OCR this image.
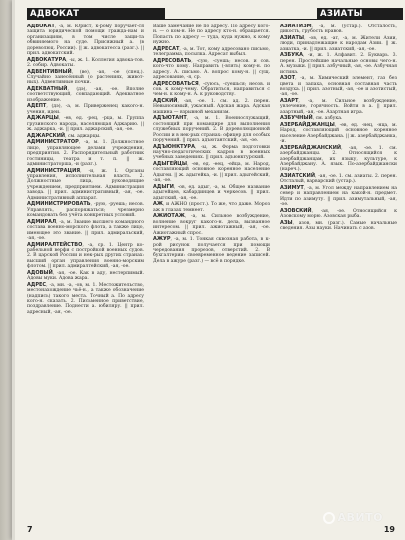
АДВОКАТ	АЗИАТЫ
АДВОКАТ, -а, м. Юрист, к-рому поручает-ся защита юридической помощи гражда-нам и организациям, в том числе защи-та обвиняемого на суде. Присяжный а. (в дореволюц. России). || ж. адвокатесса (разг.). || прил. адвокатский.
АДВОКАТУРА, -ы, ж. 1. Коллегия адвока-тов. 2. собир. Адвокаты.
АДВЕНТИВНЫЙ, (ве), -ая, -ое (спец.). Случайно занесённый (о растениях, живот-ных). Адвентивные почки.
АДЕКВАТНЫЙ, (дэ), -ая, -ое. Вполне соответствующий, совпадающий. Адекватное изображение.
АДЕПТ, (дэ), -а, м. Приверженец какого-н. учения, идеи.
АДЖАРЦЫ, -ев, ед. -рец, -рца, м. Группа грузинского народа, населяющая Аджарию. || ж. аджарка, -и. || прил. аджарский, -ая, -ое.
АДЖАРСКИЙ, см. аджарцы.
АДМИНИСТРАТОР, -а, м. 1. Должностное лицо, управляющее делами учреждения, предприятия. 2. Распорядительный работник гостиницы, театра и т. п. || ж. администраторша, -и (разг.).
АДМИНИСТРАЦИЯ, -и, ж. 1. Органы управления, исполнительная власть. 2. Должностные лица, руководящие учреждением, предприятием. Администрация завода. || прил. административный, -ая, -ое. Административный аппарат.
АДМИНИСТРИРОВАТЬ, -рую, -руешь; несов. Управлять, распоряжаться; чрезмерно командовать без учёта конкретных условий.
АДМИРАЛ, -а, м. Звание высшего командного состава военно-морского флота, а также лицо, имеющее это звание. || прил. адмиральский, -ая, -ое.
АДМИРАЛТЕЙСТВО, -а, ср. 1. Центр ко-рабельной верфи с постройкой военных судов. 2. В царской России и нек-рых других странах: высший орган управления военно-морским флотом. || прил. адмиралтейский, -ая, -ое.
АДОВЫЙ, -ая, -ое. Как в аду, нестерпимый. Адовы муки. Адова жара.
АДРЕС, -а, мн. -а, -ов, м. 1. Местожительство, местонахождение чьё-н., а также обозначение (надпись) такого места. Точный а. По адресу кого-н. сказать. 2. Письменное приветствие, поздравление. Поднести а. юбиляру. || прил. адресный, -ая, -ое.
Ваше замечание не по адресу. По адресу кого-н. — о ком-н. Не по адресу кто-н. обращается. Попасть по адресу — туда, куда нужно, к кому нужно.
АДРЕСАТ, -а, м. Тот, кому адресовано письмо, телеграмма, посылка. Адресат выбыл.
АДРЕСОВАТЬ, -сую, -суешь; несов. и сов. кого-что кому. Направить (-влять) кому-н. по адресу. А. письмо. А. вопрос кому-н. || сущ. адресование, -я, ср.
АДРЕСОВАТЬСЯ, -суюсь, -суешься; несов. и сов. к кому-чему. Обратиться, направиться с чем-н. к кому-н. А. к руководству.
АДСКИЙ, -ая, -ое. 1. см. ад. 2. перен. Невыносимый, ужасный. Адская жара. Адская машина — взрывной механизм.
АДЪЮТАНТ, -а, м. 1. Военнослужащий, состоящий при командире для выполнения служебных поручений. 2. В дореволюционной России и в нек-рых странах: офицер для особых поручений. || прил. адъютантский, -ая, -ое.
АДЪЮНКТУРА, -ы, ж. Форма подготовки научно-педагогических кадров в военных учебных заведениях. || прил. адъюнктурский.
АДЫГЕЙЦЫ, -ев, ед. -еец, -ейца, м. Народ, составляющий основное коренное население Адыгеи. || ж. адыгейка, -и. || прил. адыгейский, -ая, -ое.
АДЫГИ, -ов, ед. адыг, -а, м. Общее название адыгейцев, кабардинцев и черкесов. || прил. адыгский, -ая, -ое.
АЖ, и АЖНО (прост.). То же, что даже. Мороз аж в глазах темнеет.
АЖИОТАЖ, -а, м. Сильное возбуждение, волнение вокруг какого-н. дела, вызванное интересом. || прил. ажиотажный, -ая, -ое. Ажиотажный спрос.
АЖУР, -а, м. 1. Тонкая сквозная работа, в к-рой рисунок получается при помощи чередования прорезов, отверстий. 2. В бухгалтерии: своевременное ведение записей. Дела в ажуре (разг.) — всё в порядке.
АЗИАТИЗМ, -а, м. (устар.). Отсталость, дикость, грубость нравов.
АЗИАТЫ, -ов, ед. -ат, -а, м. Жители Азии, люди, принадлежащие к народам Азии. || ж. азиатка, -и. || прил. азиатский, -ая, -ое.
АЗБУКА, -и, ж. 1. Алфавит. 2. Букварь. 3. перен. Простейшие начальные основы чего-н. А. музыки. || прил. азбучный, -ая, -ое. Азбучная истина.
АЗОТ, -а, м. Химический элемент, газ без цвета и запаха, основная составная часть воздуха. || прил. азотный, -ая, -ое и азотистый, -ая, -ое.
АЗАРТ, -а, м. Сильное возбуждение, увлечение, горячность. Войти в а. || прил. азартный, -ая, -ое. Азартная игра.
АЗБУЧНЫЙ, см. азбука.
АЗЕРБАЙДЖАНЦЫ, -ев, ед. -нец, -нца, м. Народ, составляющий основное коренное население Азербайджана. || ж. азербайджанка, -и.
АЗЕРБАЙДЖАНСКИЙ, -ая, -ое. 1. см. азербайджанцы. 2. Относящийся к азербайджанцам, их языку, культуре, к Азербайджану. А. язык. По-азербайджански (нареч.).
АЗИАТСКИЙ, -ая, -ое. 1. см. азиаты. 2. перен. Отсталый, варварский (устар.).
АЗИМУТ, -а, м. Угол между направлением на север и направлением на какой-н. предмет. Идти по азимуту. || прил. азимутальный, -ая, -ое.
АЗОВСКИЙ, -ая, -ое. Относящийся к Азовскому морю. Азовская рыба.
АЗЫ, азов, мн. (разг.). Самые начальные сведения. Азы науки. Начинать с азов.
7	19
АВИТО
